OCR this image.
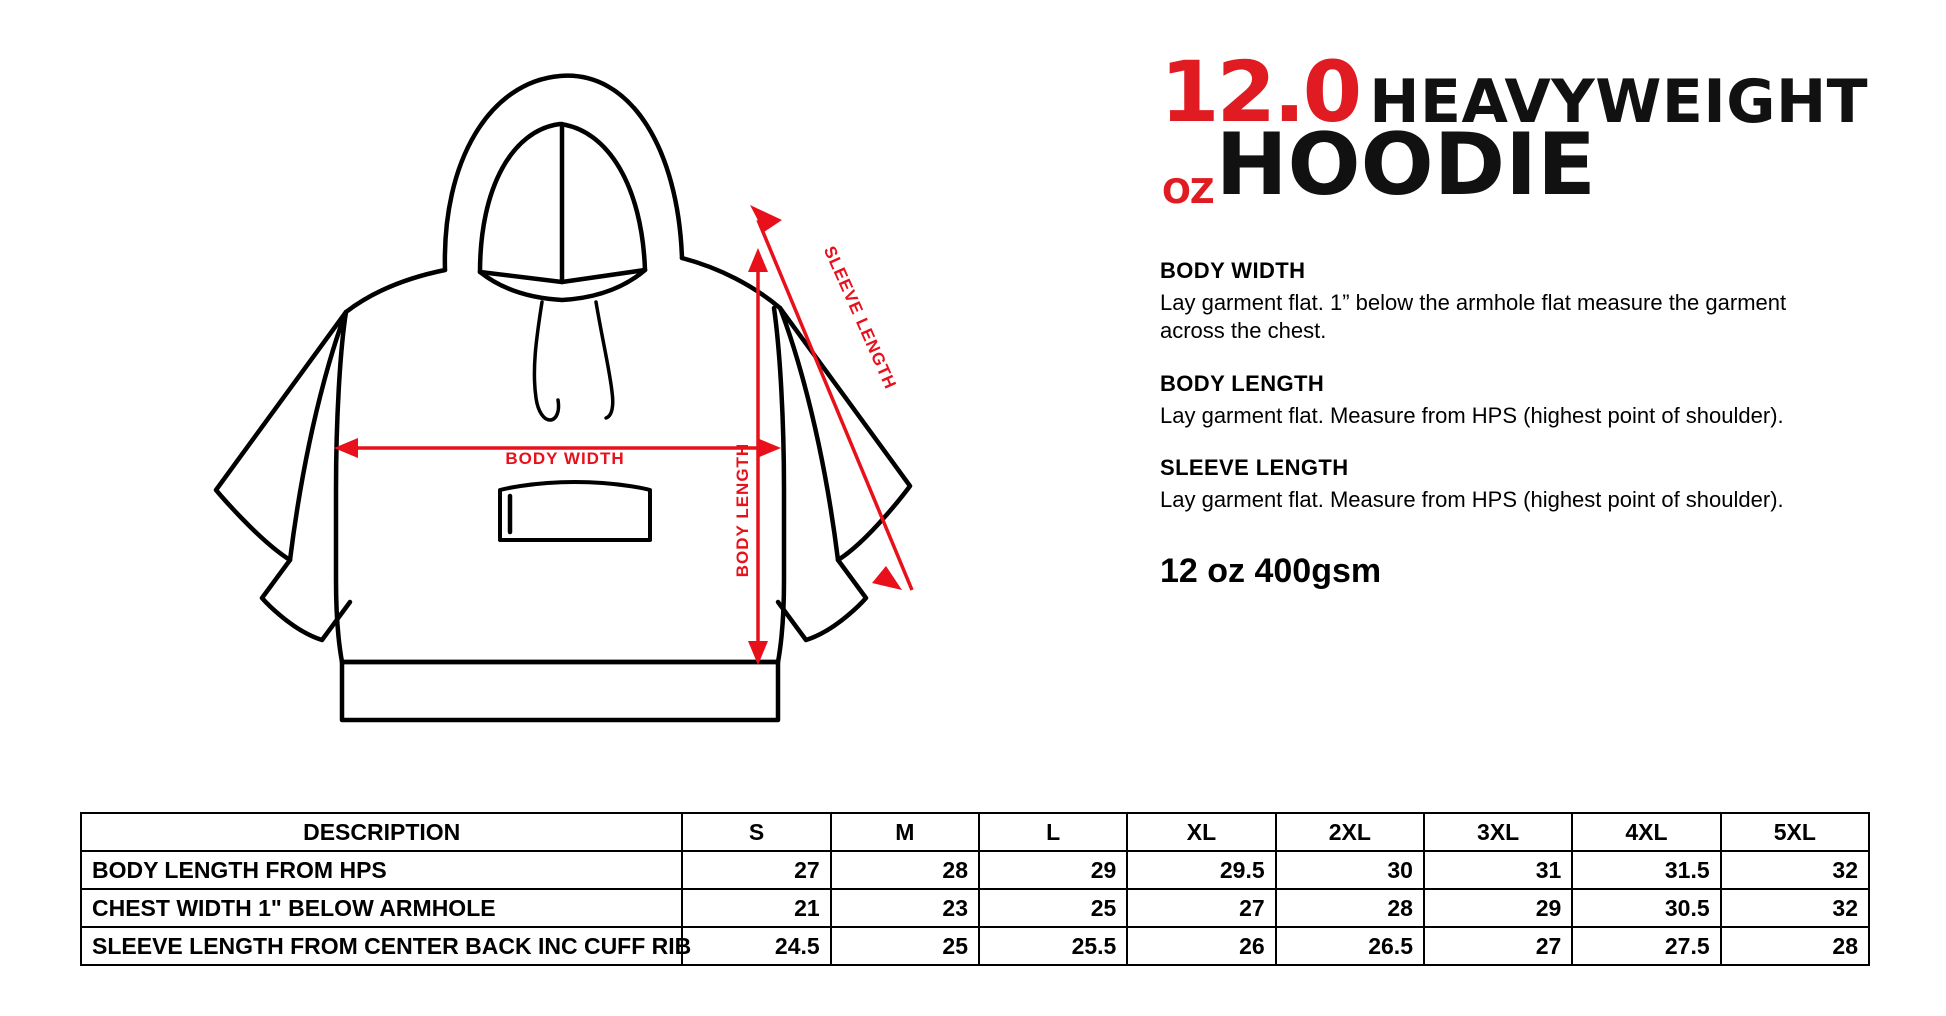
BODY WIDTH	BODY LENGTH
SLEEVE LENGTH
12.0 HEAVYWEIGHT
OZ HOODIE

BODY WIDTH

Lay garment flat. 1” below the armhole flat measure the garment across the chest.

BODY LENGTH

Lay garment flat. Measure from HPS (highest point of shoulder).

SLEEVE LENGTH

Lay garment flat. Measure from HPS (highest point of shoulder).

12 oz 400gsm
DESCRIPTION	S	M	L	XL	2XL	3XL	4XL	5XL
BODY LENGTH FROM HPS	27	28	29	29.5	30	31	31.5	32
CHEST WIDTH 1" BELOW ARMHOLE	21	23	25	27	28	29	30.5	32
SLEEVE LENGTH FROM CENTER BACK INC CUFF RIB	24.5	25	25.5	26	26.5	27	27.5	28
